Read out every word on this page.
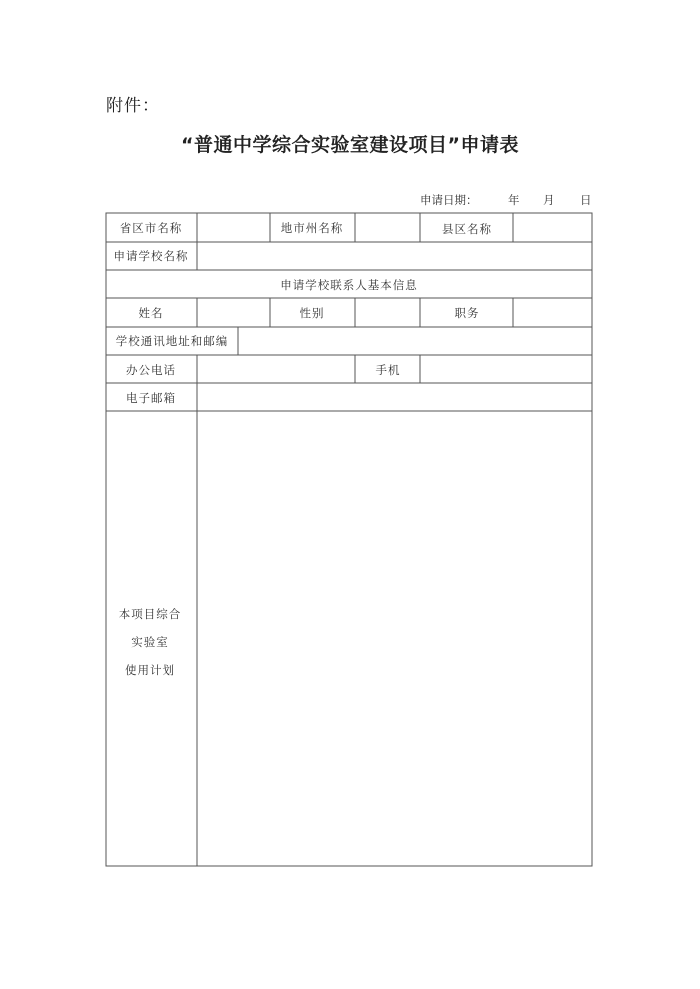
附件：
“普通中学综合实验室建设项目”申请表
申请日期：	年 月 日
省区市名称	地市州名称	县区名称
申请学校名称
申请学校联系人基本信息
姓名	性别	职务
学校通讯地址和邮编
办公电话	手机
电子邮箱
本项目综合
实验室
使用计划
